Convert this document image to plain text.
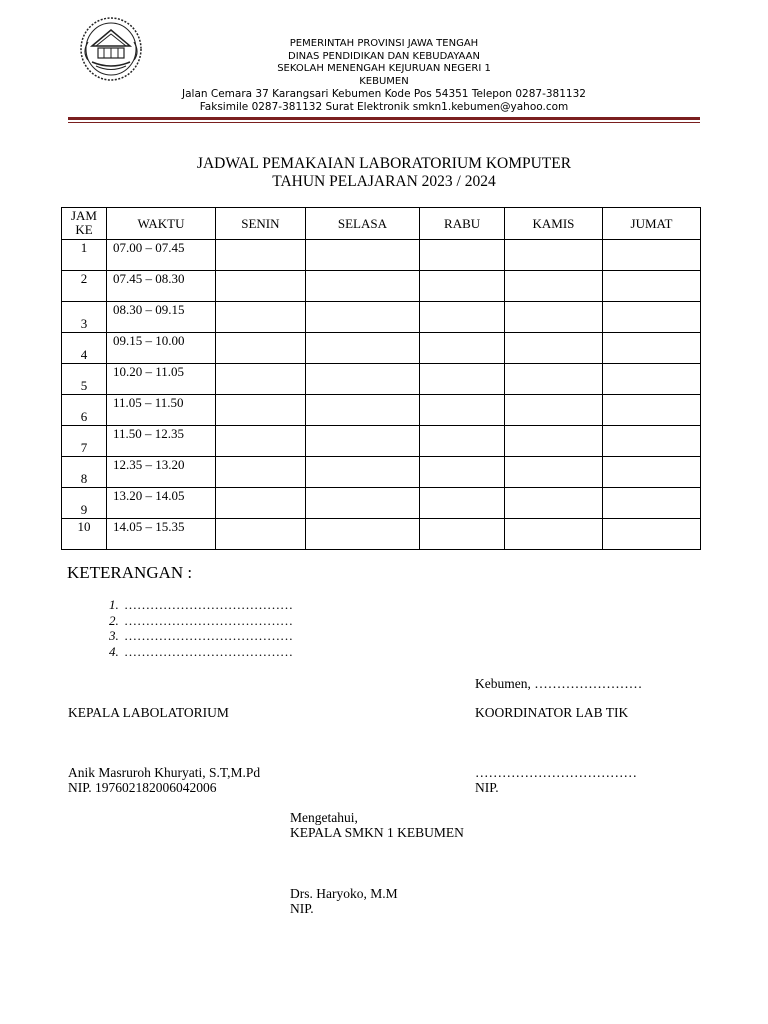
PEMERINTAH PROVINSI JAWA TENGAH
DINAS PENDIDIKAN DAN KEBUDAYAAN
SEKOLAH MENENGAH KEJURUAN NEGERI 1
KEBUMEN
Jalan Cemara 37 Karangsari Kebumen Kode Pos 54351 Telepon 0287-381132
Faksimile 0287-381132 Surat Elektronik smkn1.kebumen@yahoo.com
JADWAL PEMAKAIAN LABORATORIUM KOMPUTER
TAHUN PELAJARAN 2023 / 2024
JAM KE	WAKTU	SENIN	SELASA	RABU	KAMIS	JUMAT

1	07.00 – 07.45					

2	07.45 – 08.30					

3	08.30 – 09.15					

4	09.15 – 10.00					

5	10.20 – 11.05					

6	11.05 – 11.50					

7	11.50 – 12.35					

8	12.35 – 13.20					

9	13.20 – 14.05					

10	14.05 – 15.35					

KETERANGAN :
1. …………………………………
2. …………………………………
3. …………………………………
4. …………………………………
Kebumen, ……………………
KEPALA LABOLATORIUM	KOORDINATOR LAB TIK
Anik Masruroh Khuryati, S.T,M.Pd
NIP. 197602182006042006
………………………………
NIP.
Mengetahui,
KEPALA SMKN 1 KEBUMEN
Drs. Haryoko, M.M
NIP.
